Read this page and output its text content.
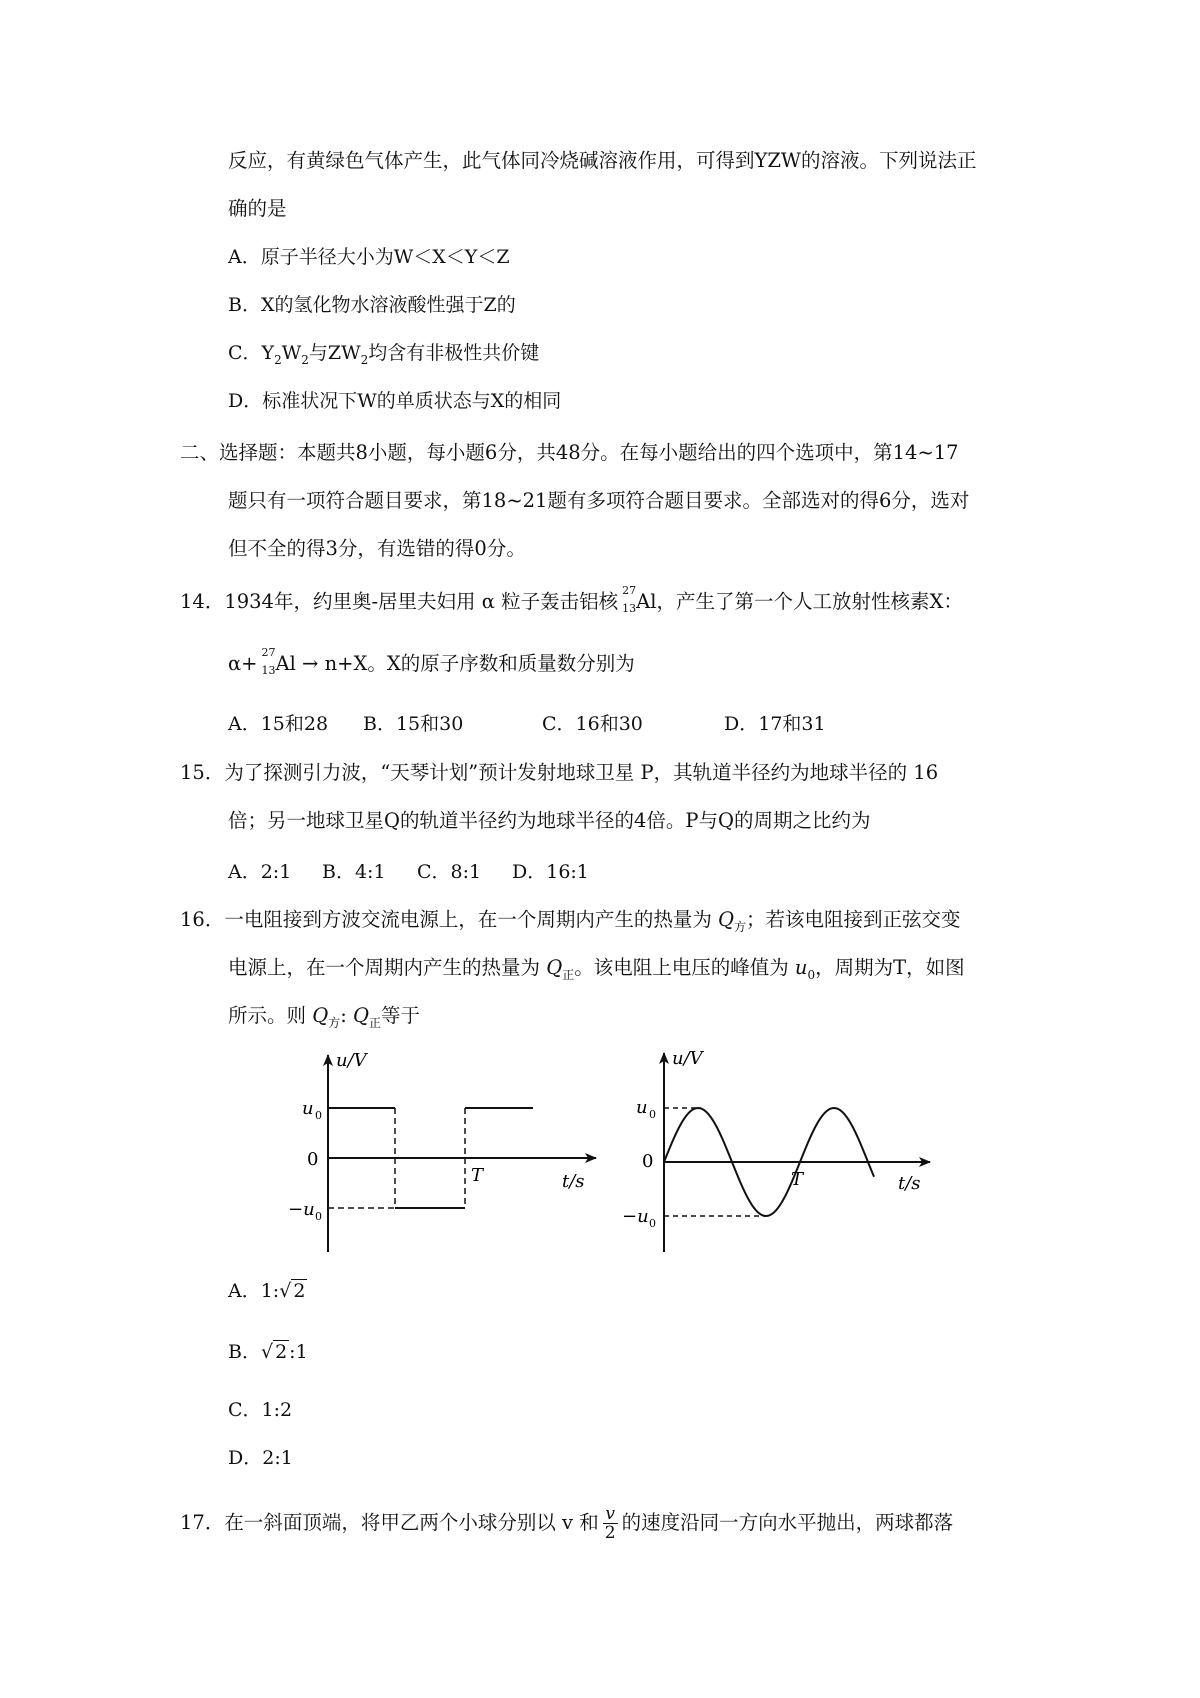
反应，有黄绿色气体产生，此气体同冷烧碱溶液作用，可得到YZW的溶液。下列说法正
确的是
A．原子半径大小为W＜X＜Y＜Z
B．X的氢化物水溶液酸性强于Z的
C．$Y_2W_2$与$ZW_2$均含有非极性共价键
D．标准状况下W的单质状态与X的相同
二、选择题：本题共8小题，每小题6分，共48分。在每小题给出的四个选项中，第14~17
题只有一项符合题目要求，第18~21题有多项符合题目要求。全部选对的得6分，选对
但不全的得3分，有选错的得0分。
14．1934年，约里奥-居里夫妇用 α 粒子轰击铝核 27
13 Al，产生了第一个人工放射性核素X：
α+ 27
13 Al → n+X。X的原子序数和质量数分别为
A．15和28 B．15和30	C．16和30	D．17和31
15．为了探测引力波，“天琴计划”预计发射地球卫星 P，其轨道半径约为地球半径的 16
倍；另一地球卫星Q的轨道半径约为地球半径的4倍。P与Q的周期之比约为
A．2:1 B．4:1 C．8:1 D．16:1
16．一电阻接到方波交流电源上，在一个周期内产生的热量为 $Q_方$；若该电阻接到正弦交变
电源上，在一个周期内产生的热量为 $Q_正$。该电阻上电压的峰值为 $u_0$，周期为T，如图
所示。则 $Q_方$: $Q_正$等于
u/V
t/s
u 0
0
−u 0
T
u/V
t/s
u 0
0
−u 0
T
A．1:√ 2
B．√ 2 :1
C．1:2
D．2:1
17．在一斜面顶端，将甲乙两个小球分别以 v 和 $\frac{v}{2}$ 的速度沿同一方向水平抛出，两球都落
